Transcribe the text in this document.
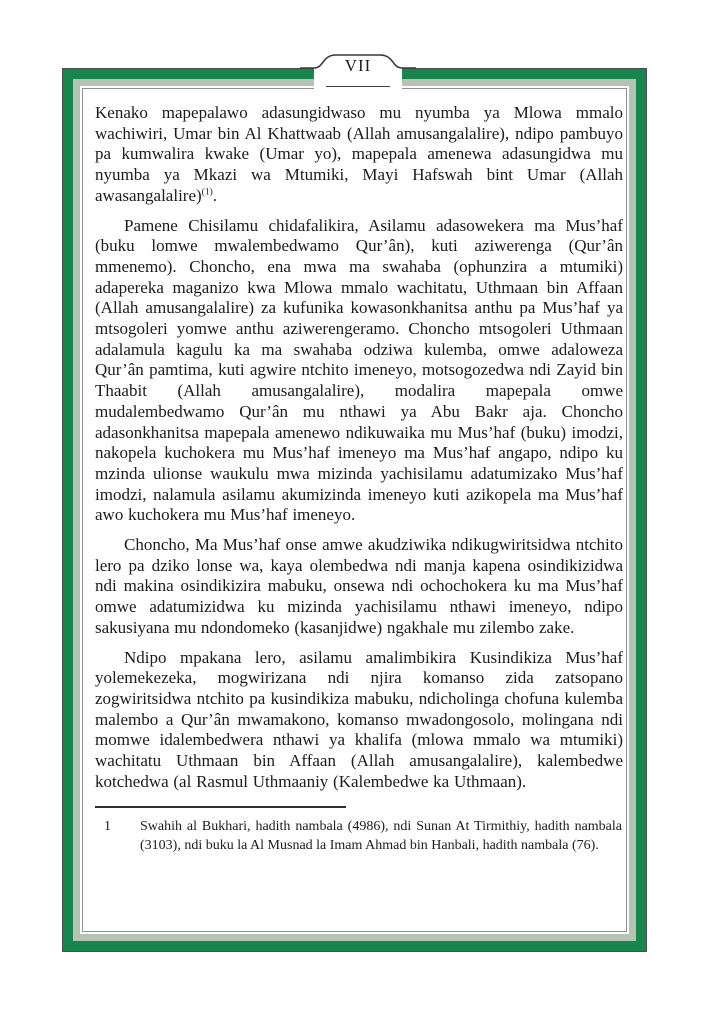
Kenako mapepalawo adasungidwaso mu nyumba ya Mlowa mmalo wachiwiri, Umar bin Al Khattwaab (Allah amusangalalire), ndipo pambuyo pa kumwalira kwake (Umar yo), mapepala amenewa adasungidwa mu nyumba ya Mkazi wa Mtumiki, Mayi Hafswah bint Umar (Allah awasangalalire)$^{(1)}$.

Pamene Chisilamu chidafalikira, Asilamu adasowekera ma Mus’haf (buku lomwe mwalembedwamo Qur’ân), kuti aziwerenga (Qur’ân mmenemo). Choncho, ena mwa ma swahaba (ophunzira a mtumiki) adapereka maganizo kwa Mlowa mmalo wachitatu, Uthmaan bin Affaan (Allah amusangalalire) za kufunika kowasonkhanitsa anthu pa Mus’haf ya mtsogoleri yomwe anthu aziwerengeramo. Choncho mtsogoleri Uthmaan adalamula kagulu ka ma swahaba odziwa kulemba, omwe adaloweza Qur’ân pamtima, kuti agwire ntchito imeneyo, motsogozedwa ndi Zayid bin Thaabit (Allah amusangalalire), modalira mapepala omwe mudalembedwamo Qur’ân mu nthawi ya Abu Bakr aja. Choncho adasonkhanitsa mapepala amenewo ndikuwaika mu Mus’haf (buku) imodzi, nakopela kuchokera mu Mus’haf imeneyo ma Mus’haf angapo, ndipo ku mzinda ulionse waukulu mwa mizinda yachisilamu adatumizako Mus’haf imodzi, nalamula asilamu akumizinda imeneyo kuti azikopela ma Mus’haf awo kuchokera mu Mus’haf imeneyo.

Choncho, Ma Mus’haf onse amwe akudziwika ndikugwiritsidwa ntchito lero pa dziko lonse wa, kaya olembedwa ndi manja kapena osindikizidwa ndi makina osindikizira mabuku, onsewa ndi ochochokera ku ma Mus’haf omwe adatumizidwa ku mizinda yachisilamu nthawi imeneyo, ndipo sakusiyana mu ndondomeko (kasanjidwe) ngakhale mu zilembo zake.

Ndipo mpakana lero, asilamu amalimbikira Kusindikiza Mus’haf yolemekezeka, mogwirizana ndi njira komanso zida zatsopano zogwiritsidwa ntchito pa kusindikiza mabuku, ndicholinga chofuna kulemba malembo a Qur’ân mwamakono, komanso mwadongosolo, molingana ndi momwe idalembedwera nthawi ya khalifa (mlowa mmalo wa mtumiki) wachitatu Uthmaan bin Affaan (Allah amusangalalire), kalembedwe kotchedwa (al Rasmul Uthmaaniy (Kalembedwe ka Uthmaan).

1	Swahih al Bukhari, hadith nambala (4986), ndi Sunan At Tirmithiy, hadith nambala (3103), ndi buku la Al Musnad la Imam Ahmad bin Hanbali, hadith nambala (76).
VII
